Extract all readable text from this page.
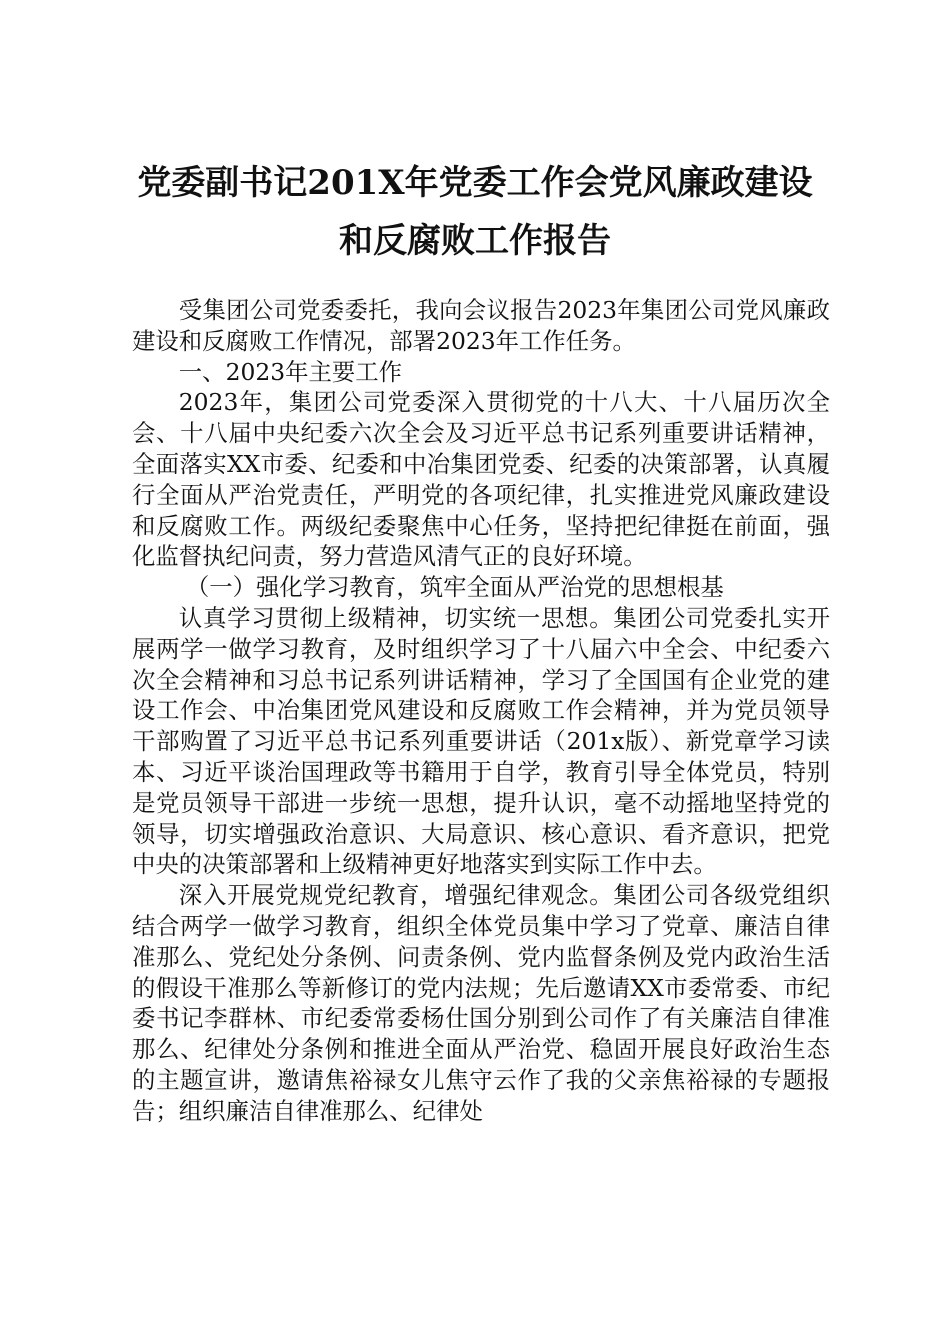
党委副书记201X年党委工作会党风廉政建设
和反腐败工作报告

受集团公司党委委托，我向会议报告2023年集团公司党风廉政建设和反腐败工作情况，部署2023年工作任务。

一、2023年主要工作

2023年，集团公司党委深入贯彻党的十八大、十八届历次全会、十八届中央纪委六次全会及习近平总书记系列重要讲话精神，全面落实XX市委、纪委和中冶集团党委、纪委的决策部署，认真履行全面从严治党责任，严明党的各项纪律，扎实推进党风廉政建设和反腐败工作。两级纪委聚焦中心任务，坚持把纪律挺在前面，强化监督执纪问责，努力营造风清气正的良好环境。

（一）强化学习教育，筑牢全面从严治党的思想根基

认真学习贯彻上级精神，切实统一思想。集团公司党委扎实开展两学一做学习教育，及时组织学习了十八届六中全会、中纪委六次全会精神和习总书记系列讲话精神，学习了全国国有企业党的建设工作会、中冶集团党风建设和反腐败工作会精神，并为党员领导干部购置了习近平总书记系列重要讲话（201x版）、新党章学习读本、习近平谈治国理政等书籍用于自学，教育引导全体党员，特别是党员领导干部进一步统一思想，提升认识，毫不动摇地坚持党的领导，切实增强政治意识、大局意识、核心意识、看齐意识，把党中央的决策部署和上级精神更好地落实到实际工作中去。

深入开展党规党纪教育，增强纪律观念。集团公司各级党组织结合两学一做学习教育，组织全体党员集中学习了党章、廉洁自律准那么、党纪处分条例、问责条例、党内监督条例及党内政治生活的假设干准那么等新修订的党内法规；先后邀请XX市委常委、市纪委书记李群林、市纪委常委杨仕国分别到公司作了有关廉洁自律准那么、纪律处分条例和推进全面从严治党、稳固开展良好政治生态的主题宣讲，邀请焦裕禄女儿焦守云作了我的父亲焦裕禄的专题报告；组织廉洁自律准那么、纪律处
